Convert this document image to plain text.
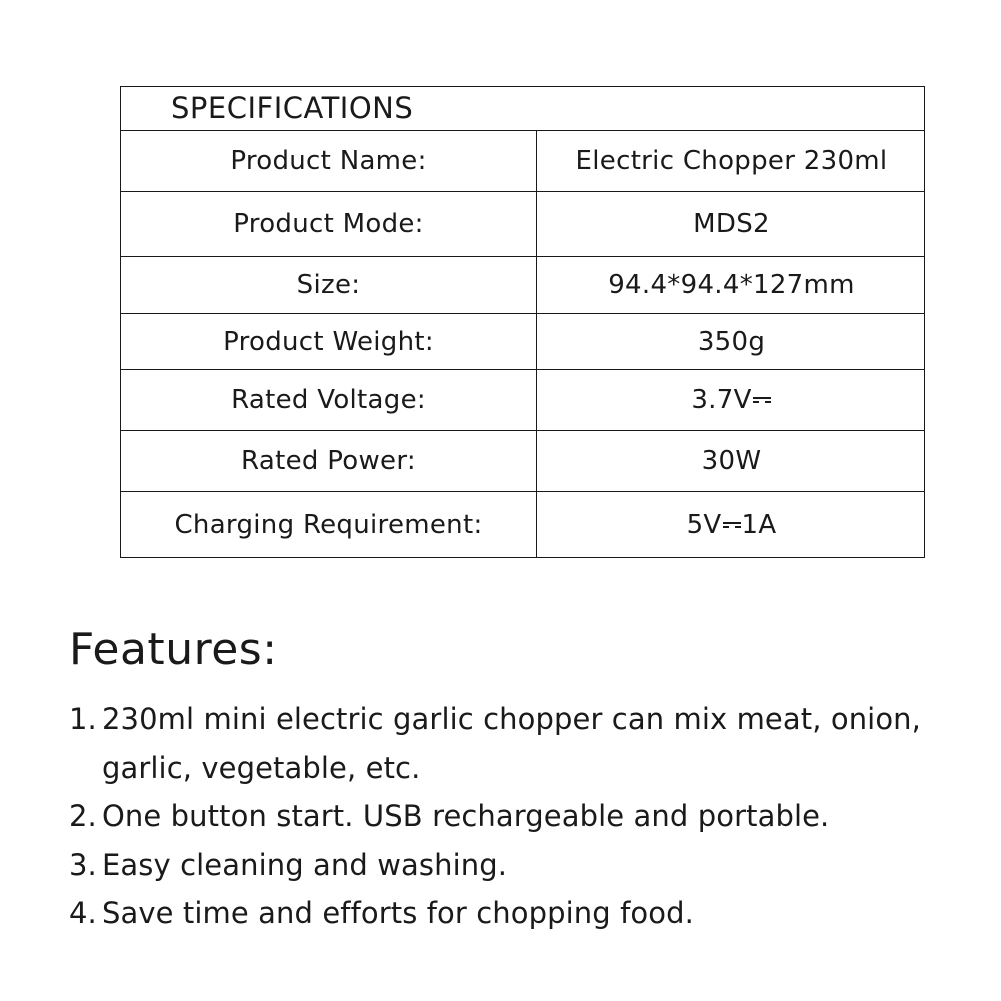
SPECIFICATIONS
Product Name:	Electric Chopper 230ml
Product Mode:	MDS2
Size:	94.4*94.4*127mm
Product Weight:	350g
Rated Voltage:	3.7V
Rated Power:	30W
Charging Requirement:	5V 1A
Features:
1. 230ml mini electric garlic chopper can mix meat, onion, garlic, vegetable, etc.
2. One button start. USB rechargeable and portable.
3. Easy cleaning and washing.
4. Save time and efforts for chopping food.
